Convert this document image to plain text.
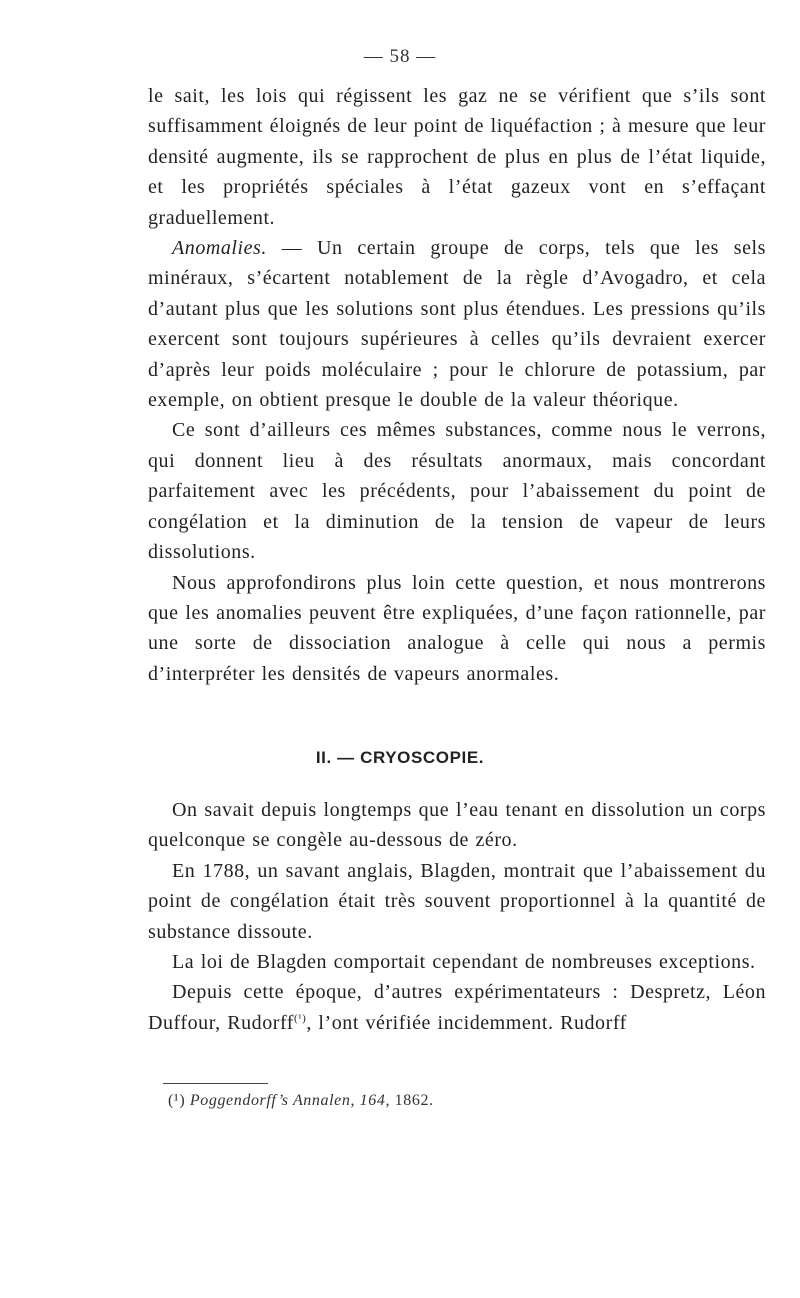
— 58 —

le sait, les lois qui régissent les gaz ne se vérifient que s’ils sont suffisamment éloignés de leur point de liquéfaction ; à mesure que leur densité augmente, ils se rapprochent de plus en plus de l’état liquide, et les propriétés spéciales à l’état gazeux vont en s’effaçant graduellement.

Anomalies. — Un certain groupe de corps, tels que les sels minéraux, s’écartent notablement de la règle d’Avogadro, et cela d’autant plus que les solutions sont plus étendues. Les pressions qu’ils exercent sont toujours supérieures à celles qu’ils devraient exercer d’après leur poids moléculaire ; pour le chlorure de potassium, par exemple, on obtient presque le double de la valeur théorique.

Ce sont d’ailleurs ces mêmes substances, comme nous le verrons, qui donnent lieu à des résultats anormaux, mais concordant parfaitement avec les précédents, pour l’abaissement du point de congélation et la diminution de la tension de vapeur de leurs dissolutions.

Nous approfondirons plus loin cette question, et nous montrerons que les anomalies peuvent être expliquées, d’une façon rationnelle, par une sorte de dissociation analogue à celle qui nous a permis d’interpréter les densités de vapeurs anormales.

II. — CRYOSCOPIE.

On savait depuis longtemps que l’eau tenant en dissolution un corps quelconque se congèle au-dessous de zéro.

En 1788, un savant anglais, Blagden, montrait que l’abaissement du point de congélation était très souvent proportionnel à la quantité de substance dissoute.

La loi de Blagden comportait cependant de nombreuses exceptions.

Depuis cette époque, d’autres expérimentateurs : Despretz, Léon Duffour, Rudorff$^{(^1)}$, l’ont vérifiée incidemment. Rudorff

(¹) Poggendorff’s Annalen, 164, 1862.
